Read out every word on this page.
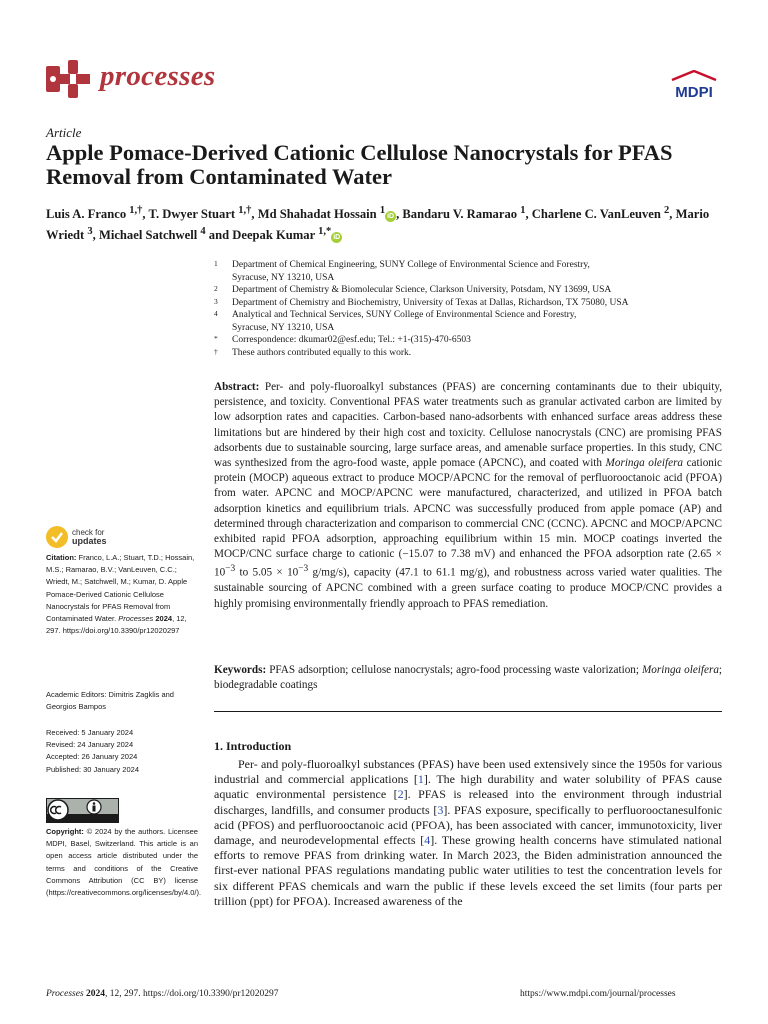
processes
MDPI
Article
Apple Pomace-Derived Cationic Cellulose Nanocrystals for PFAS Removal from Contaminated Water
Luis A. Franco $^{1,\dagger}$, T. Dwyer Stuart $^{1,\dagger}$, Md Shahadat Hossain $^1$iD , Bandaru V. Ramarao $^1$, Charlene C. VanLeuven $^2$, Mario Wriedt $^3$, Michael Satchwell $^4$ and Deepak Kumar $^{1,*}$iD
1 Department of Chemical Engineering, SUNY College of Environmental Science and Forestry,
Syracuse, NY 13210, USA
2 Department of Chemistry & Biomolecular Science, Clarkson University, Potsdam, NY 13699, USA
3 Department of Chemistry and Biochemistry, University of Texas at Dallas, Richardson, TX 75080, USA
4 Analytical and Technical Services, SUNY College of Environmental Science and Forestry,
Syracuse, NY 13210, USA
* Correspondence: dkumar02@esf.edu; Tel.: +1-(315)-470-6503
† These authors contributed equally to this work.
Abstract: Per- and poly-fluoroalkyl substances (PFAS) are concerning contaminants due to their ubiquity, persistence, and toxicity. Conventional PFAS water treatments such as granular activated carbon are limited by low adsorption rates and capacities. Carbon-based nano-adsorbents with enhanced surface areas address these limitations but are hindered by their high cost and toxicity. Cellulose nanocrystals (CNC) are promising PFAS adsorbents due to sustainable sourcing, large surface areas, and amenable surface properties. In this study, CNC was synthesized from the agro-food waste, apple pomace (APCNC), and coated with Moringa oleifera cationic protein (MOCP) aqueous extract to produce MOCP/APCNC for the removal of perfluorooctanoic acid (PFOA) from water. APCNC and MOCP/APCNC were manufactured, characterized, and utilized in PFOA batch adsorption kinetics and equilibrium trials. APCNC was successfully produced from apple pomace (AP) and determined through characterization and comparison to commercial CNC (CCNC). APCNC and MOCP/APCNC exhibited rapid PFOA adsorption, approaching equilibrium within 15 min. MOCP coatings inverted the MOCP/CNC surface charge to cationic (−15.07 to 7.38 mV) and enhanced the PFOA adsorption rate ($2.65 \times 10^{-3}$ to $5.05 \times 10^{-3}$ g/mg/s), capacity (47.1 to 61.1 mg/g), and robustness across varied water qualities. The sustainable sourcing of APCNC combined with a green surface coating to produce MOCP/CNC provides a highly promising environmentally friendly approach to PFAS remediation.
Keywords: PFAS adsorption; cellulose nanocrystals; agro-food processing waste valorization; Moringa oleifera; biodegradable coatings
1. Introduction
Per- and poly-fluoroalkyl substances (PFAS) have been used extensively since the 1950s for various industrial and commercial applications [1]. The high durability and water solubility of PFAS cause aquatic environmental persistence [2]. PFAS is released into the environment through industrial discharges, landfills, and consumer products [3]. PFAS exposure, specifically to perfluorooctanesulfonic acid (PFOS) and perfluorooctanoic acid (PFOA), has been associated with cancer, immunotoxicity, liver damage, and neurodevelopmental effects [4]. These growing health concerns have stimulated national efforts to remove PFAS from drinking water. In March 2023, the Biden administration announced the first-ever national PFAS regulations mandating public water utilities to test the concentration levels for six different PFAS chemicals and warn the public if these levels exceed the set limits (four parts per trillion (ppt) for PFOA). Increased awareness of the
check for
updates
Citation: Franco, L.A.; Stuart, T.D.; Hossain, M.S.; Ramarao, B.V.; VanLeuven, C.C.; Wriedt, M.; Satchwell, M.; Kumar, D. Apple Pomace-Derived Cationic Cellulose Nanocrystals for PFAS Removal from Contaminated Water. Processes 2024, 12, 297. https://doi.org/10.3390/pr12020297
Academic Editors: Dimitris Zagklis and Georgios Bampos
Received: 5 January 2024
Revised: 24 January 2024
Accepted: 26 January 2024
Published: 30 January 2024
Copyright: © 2024 by the authors. Licensee MDPI, Basel, Switzerland. This article is an open access article distributed under the terms and conditions of the Creative Commons Attribution (CC BY) license (https://creativecommons.org/licenses/by/4.0/).
Processes 2024, 12, 297. https://doi.org/10.3390/pr12020297	https://www.mdpi.com/journal/processes
